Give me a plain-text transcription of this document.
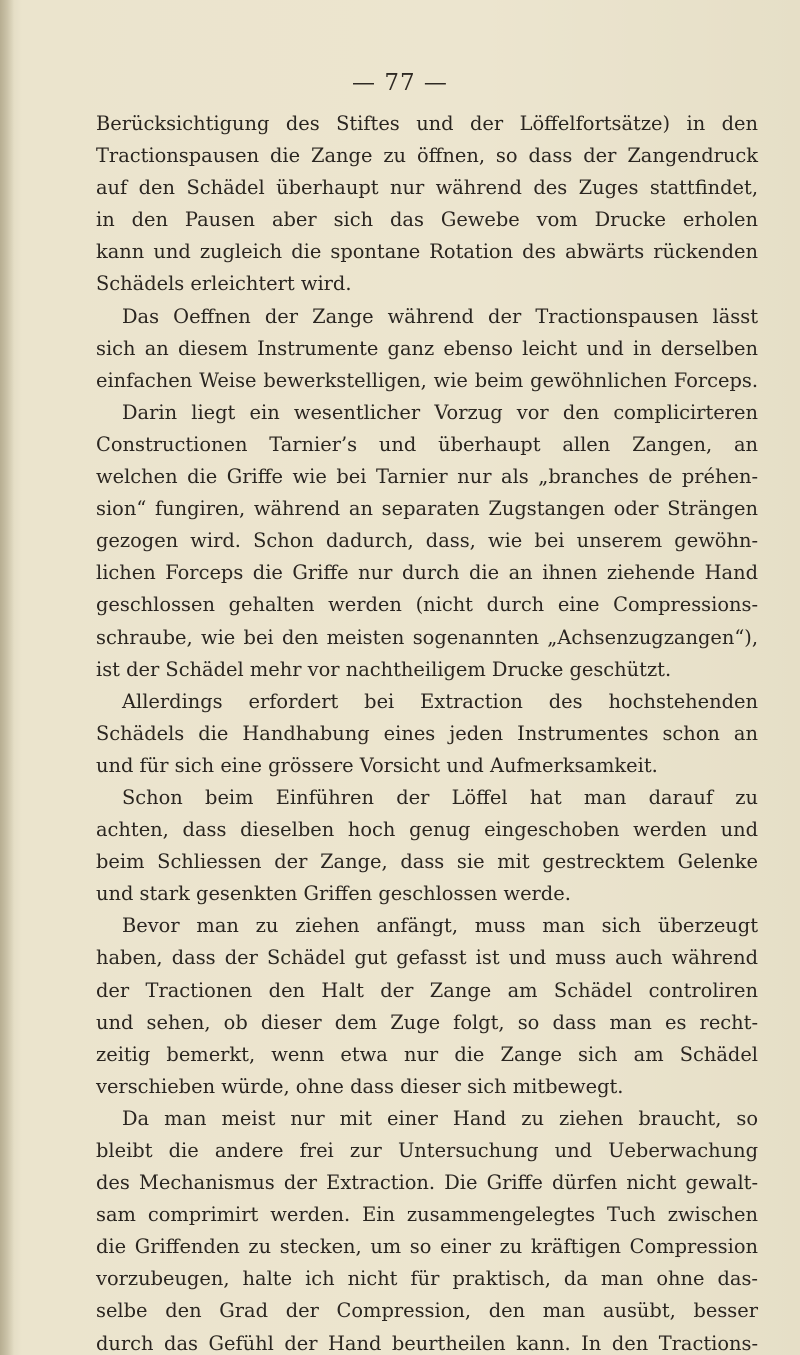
— 77 —
Berücksichtigung des Stiftes und der Löffelfortsätze) in den
Tractionspausen die Zange zu öffnen, so dass der Zangendruck
auf den Schädel überhaupt nur während des Zuges stattfindet,
in den Pausen aber sich das Gewebe vom Drucke erholen
kann und zugleich die spontane Rotation des abwärts rückenden
Schädels erleichtert wird.
Das Oeffnen der Zange während der Tractionspausen lässt
sich an diesem Instrumente ganz ebenso leicht und in derselben
einfachen Weise bewerkstelligen, wie beim gewöhnlichen Forceps.
Darin liegt ein wesentlicher Vorzug vor den complicirteren
Constructionen Tarnier’s und überhaupt allen Zangen, an
welchen die Griffe wie bei Tarnier nur als „branches de préhen-
sion“ fungiren, während an separaten Zugstangen oder Strängen
gezogen wird. Schon dadurch, dass, wie bei unserem gewöhn-
lichen Forceps die Griffe nur durch die an ihnen ziehende Hand
geschlossen gehalten werden (nicht durch eine Compressions-
schraube, wie bei den meisten sogenannten „Achsenzugzangen“),
ist der Schädel mehr vor nachtheiligem Drucke geschützt.
Allerdings erfordert bei Extraction des hochstehenden
Schädels die Handhabung eines jeden Instrumentes schon an
und für sich eine grössere Vorsicht und Aufmerksamkeit.
Schon beim Einführen der Löffel hat man darauf zu
achten, dass dieselben hoch genug eingeschoben werden und
beim Schliessen der Zange, dass sie mit gestrecktem Gelenke
und stark gesenkten Griffen geschlossen werde.
Bevor man zu ziehen anfängt, muss man sich überzeugt
haben, dass der Schädel gut gefasst ist und muss auch während
der Tractionen den Halt der Zange am Schädel controliren
und sehen, ob dieser dem Zuge folgt, so dass man es recht-
zeitig bemerkt, wenn etwa nur die Zange sich am Schädel
verschieben würde, ohne dass dieser sich mitbewegt.
Da man meist nur mit einer Hand zu ziehen braucht, so
bleibt die andere frei zur Untersuchung und Ueberwachung
des Mechanismus der Extraction. Die Griffe dürfen nicht gewalt-
sam comprimirt werden. Ein zusammengelegtes Tuch zwischen
die Griffenden zu stecken, um so einer zu kräftigen Compression
vorzubeugen, halte ich nicht für praktisch, da man ohne das-
selbe den Grad der Compression, den man ausübt, besser
durch das Gefühl der Hand beurtheilen kann. In den Tractions-
